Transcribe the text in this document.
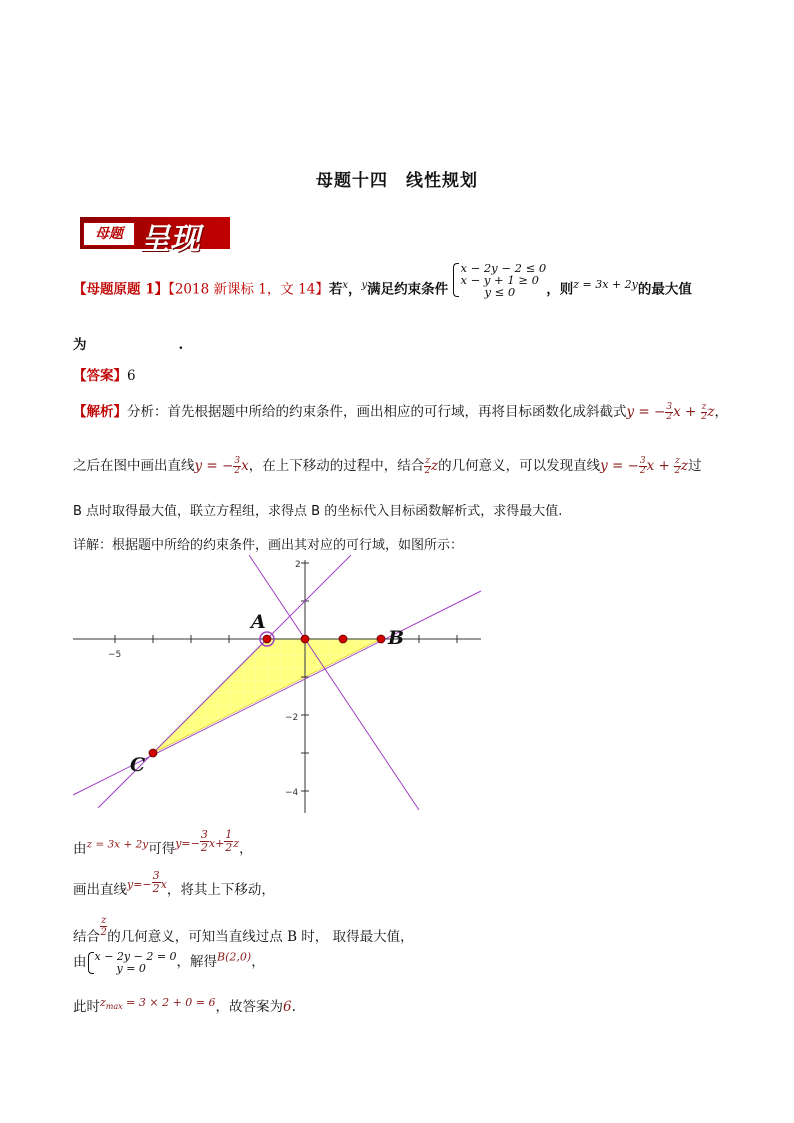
母题十四　线性规划
母题 呈现
【母题原题 1】【2018 新课标 1，文 14】若$^x$，$^y$满足约束条件
x − 2y − 2 ≤ 0
x − y + 1 ≥ 0
y ≤ 0	，则$^{z = 3x + 2y}$的最大值
为	.
【答案】6
【解析】分析：首先根据题中所给的约束条件，画出相应的可行域，再将目标函数化成斜截式y = − $\frac{3}{2}$ $x + \frac{z}{2}$ z，
之后在图中画出直线y = − $\frac{3}{2}$ x，在上下移动的过程中，结合 $\frac{z}{2}$ z的几何意义，可以发现直线y = − $\frac{3}{2}$ $x + \frac{z}{2}$ z过
B 点时取得最大值，联立方程组，求得点 B 的坐标代入目标函数解析式，求得最大值.
详解：根据题中所给的约束条件，画出其对应的可行域，如图所示：
2
−5
−2
−4
A
B
C
由$^{z = 3x + 2y}$可得$^{y=-} \frac{3}{2} ^{x+} \frac{1}{2} ^z$，
画出直线$^{y=-} \frac{3}{2} ^x$，将其上下移动，
结合 $\frac{z}{2}$ 的几何意义，可知当直线过点 B 时， 取得最大值，
由 x − 2y − 2 = 0
y = 0	，解得$^{B(2,0)}$，
此时$^{z_{max} = 3 \times 2 + 0 = 6}$，故答案为6.
